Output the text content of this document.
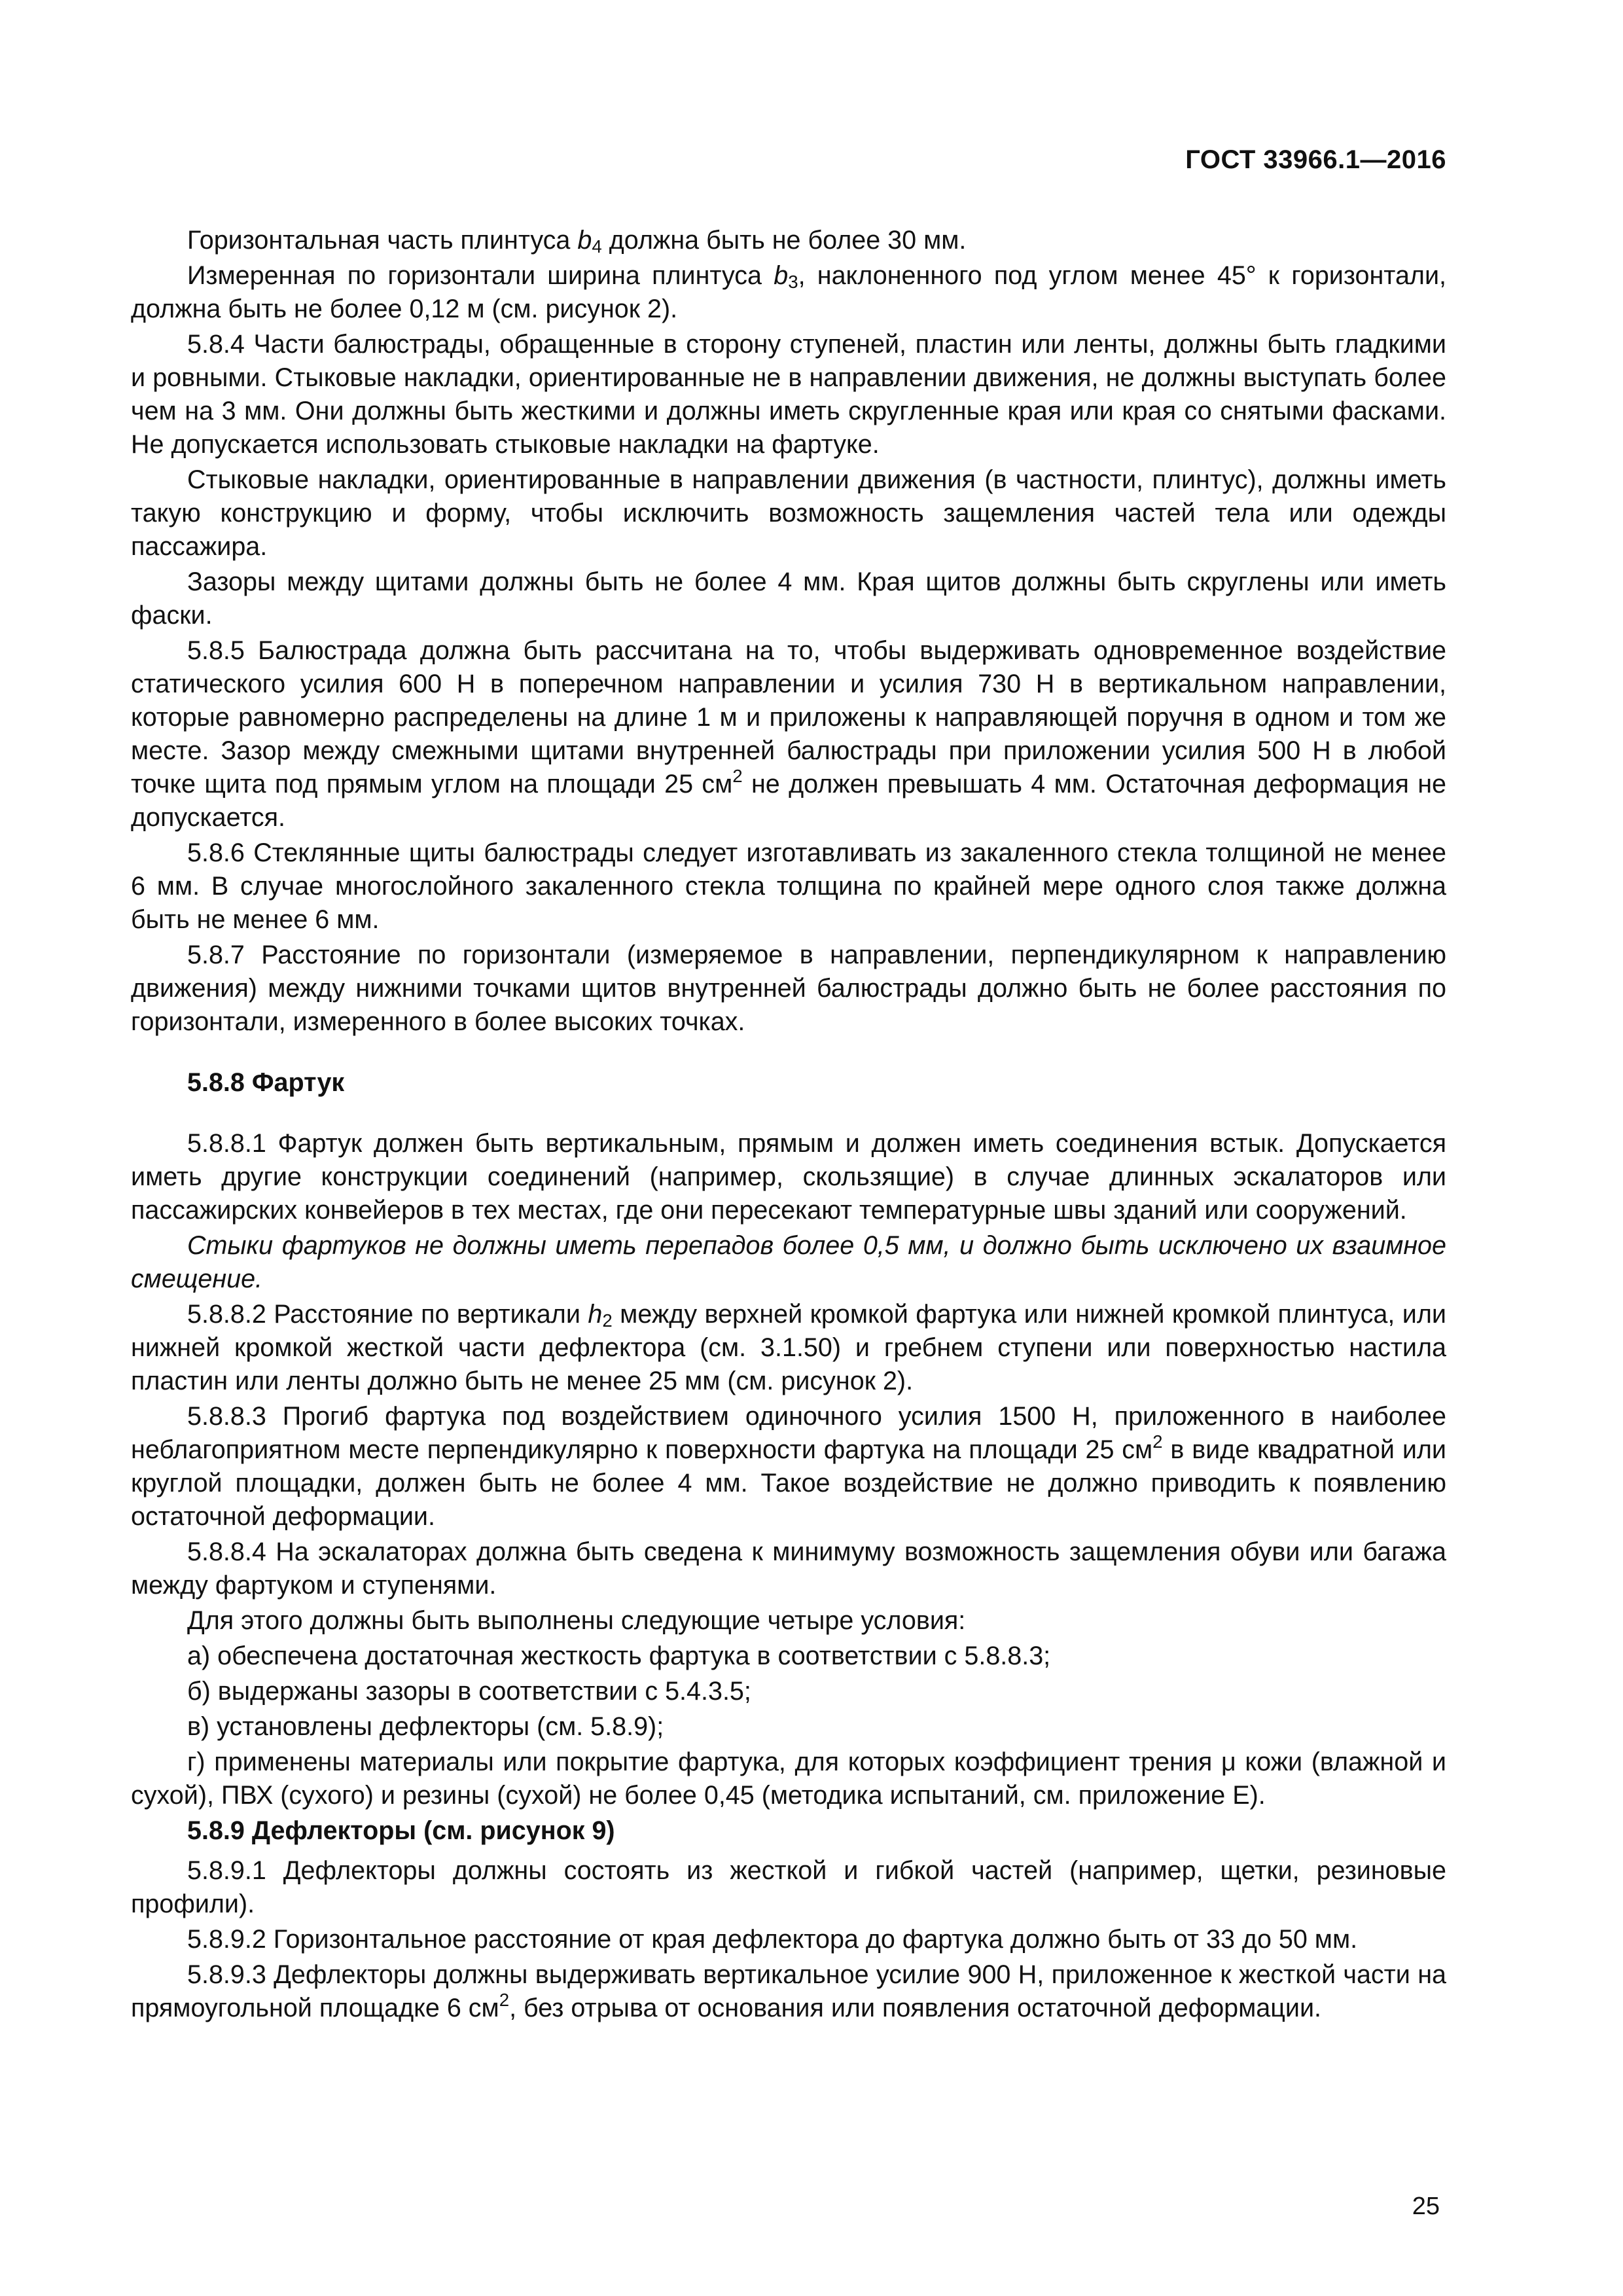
ГОСТ 33966.1—2016

Горизонтальная часть плинтуса $b_4$ должна быть не более 30 мм.

Измеренная по горизонтали ширина плинтуса $b_3$, наклоненного под углом менее 45° к горизонтали, должна быть не более 0,12 м (см. рисунок 2).

5.8.4 Части балюстрады, обращенные в сторону ступеней, пластин или ленты, должны быть гладкими и ровными. Стыковые накладки, ориентированные не в направлении движения, не должны выступать более чем на 3 мм. Они должны быть жесткими и должны иметь скругленные края или края со снятыми фасками. Не допускается использовать стыковые накладки на фартуке.

Стыковые накладки, ориентированные в направлении движения (в частности, плинтус), должны иметь такую конструкцию и форму, чтобы исключить возможность защемления частей тела или одежды пассажира.

Зазоры между щитами должны быть не более 4 мм. Края щитов должны быть скруглены или иметь фаски.

5.8.5 Балюстрада должна быть рассчитана на то, чтобы выдерживать одновременное воздействие статического усилия 600 Н в поперечном направлении и усилия 730 Н в вертикальном направлении, которые равномерно распределены на длине 1 м и приложены к направляющей поручня в одном и том же месте. Зазор между смежными щитами внутренней балюстрады при приложении усилия 500 Н в любой точке щита под прямым углом на площади 25 $см^2$ не должен превышать 4 мм. Остаточная деформация не допускается.

5.8.6 Стеклянные щиты балюстрады следует изготавливать из закаленного стекла толщиной не менее 6 мм. В случае многослойного закаленного стекла толщина по крайней мере одного слоя также должна быть не менее 6 мм.

5.8.7 Расстояние по горизонтали (измеряемое в направлении, перпендикулярном к направлению движения) между нижними точками щитов внутренней балюстрады должно быть не более расстояния по горизонтали, измеренного в более высоких точках.

5.8.8 Фартук

5.8.8.1 Фартук должен быть вертикальным, прямым и должен иметь соединения встык. Допускается иметь другие конструкции соединений (например, скользящие) в случае длинных эскалаторов или пассажирских конвейеров в тех местах, где они пересекают температурные швы зданий или сооружений.

Стыки фартуков не должны иметь перепадов более 0,5 мм, и должно быть исключено их взаимное смещение.

5.8.8.2 Расстояние по вертикали $h_2$ между верхней кромкой фартука или нижней кромкой плинтуса, или нижней кромкой жесткой части дефлектора (см. 3.1.50) и гребнем ступени или поверхностью настила пластин или ленты должно быть не менее 25 мм (см. рисунок 2).

5.8.8.3 Прогиб фартука под воздействием одиночного усилия 1500 Н, приложенного в наиболее неблагоприятном месте перпендикулярно к поверхности фартука на площади 25 $см^2$ в виде квадратной или круглой площадки, должен быть не более 4 мм. Такое воздействие не должно приводить к появлению остаточной деформации.

5.8.8.4 На эскалаторах должна быть сведена к минимуму возможность защемления обуви или багажа между фартуком и ступенями.

Для этого должны быть выполнены следующие четыре условия:

а) обеспечена достаточная жесткость фартука в соответствии с 5.8.8.3;

б) выдержаны зазоры в соответствии с 5.4.3.5;

в) установлены дефлекторы (см. 5.8.9);

г) применены материалы или покрытие фартука, для которых коэффициент трения μ кожи (влажной и сухой), ПВХ (сухого) и резины (сухой) не более 0,45 (методика испытаний, см. приложение Е).

5.8.9 Дефлекторы (см. рисунок 9)

5.8.9.1 Дефлекторы должны состоять из жесткой и гибкой частей (например, щетки, резиновые профили).

5.8.9.2 Горизонтальное расстояние от края дефлектора до фартука должно быть от 33 до 50 мм.

5.8.9.3 Дефлекторы должны выдерживать вертикальное усилие 900 Н, приложенное к жесткой части на прямоугольной площадке 6 $см^2$, без отрыва от основания или появления остаточной деформации.

25
